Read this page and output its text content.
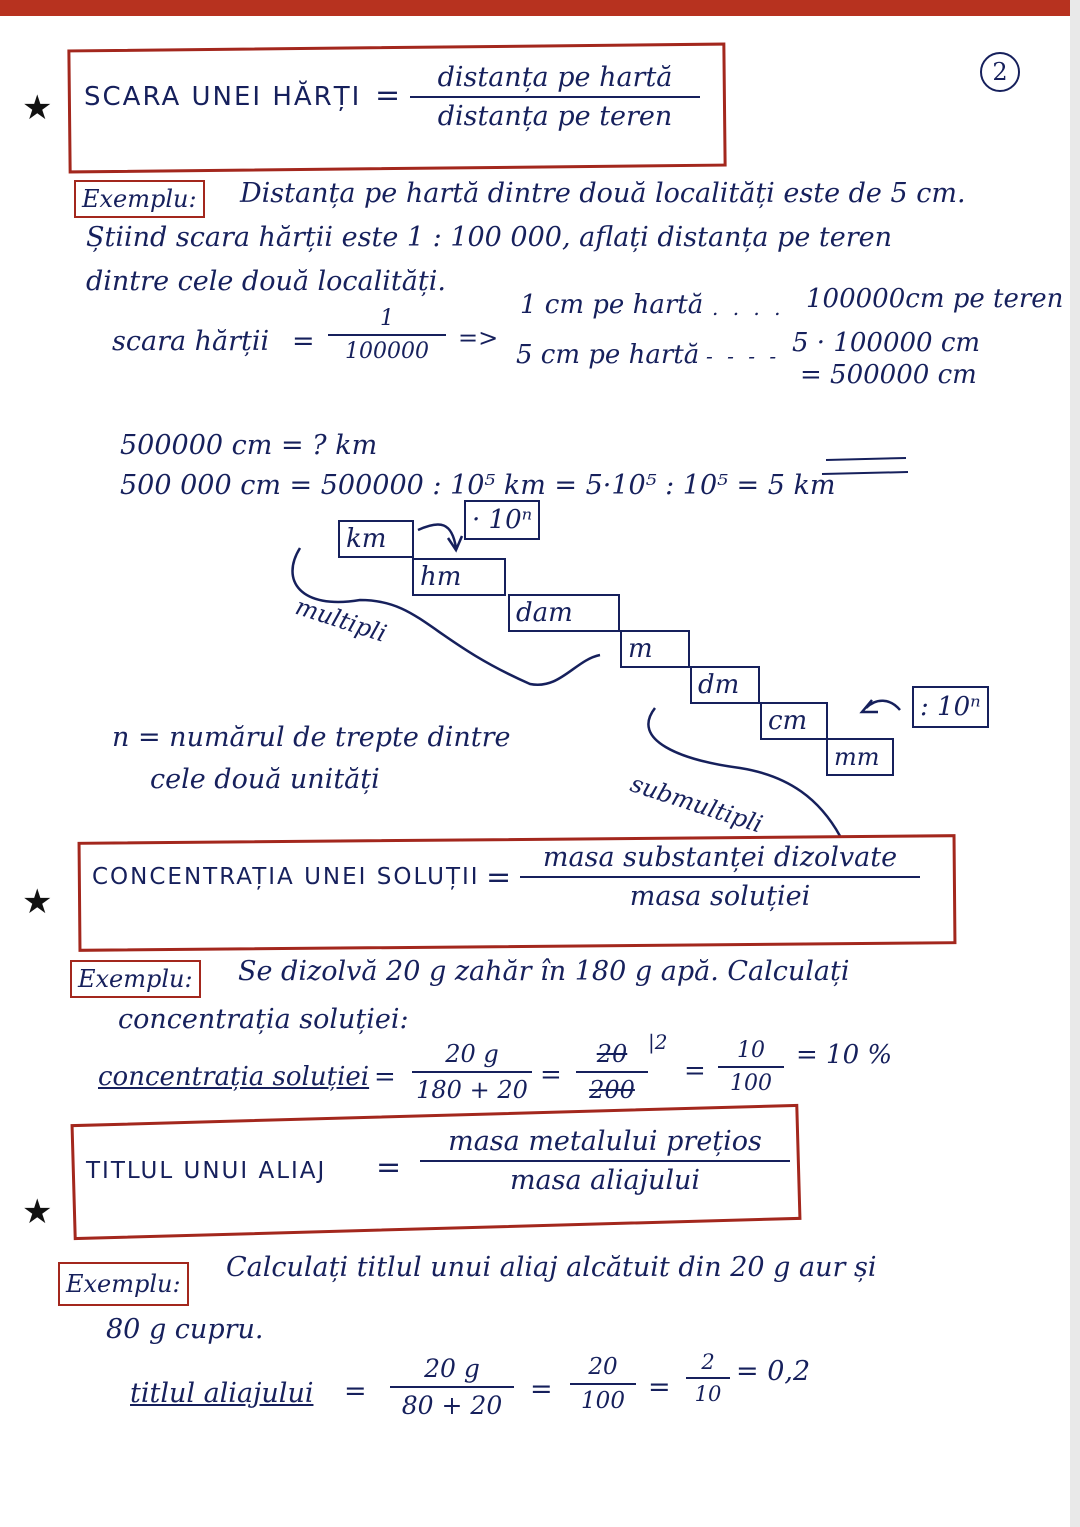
2
★ SCARA UNEI HĂRȚI =
distanța pe hartă
distanța pe teren
Exemplu: Distanța pe hartă dintre două localități este de 5 cm.
Știind scara hărții este 1 : 100 000, aflați distanța pe teren
dintre cele două localități.
scara hărții =
1
100000	=>
1 cm pe hartă . . . . 100000cm pe teren
5 cm pe hartă - - - - 5 · 100000 cm
= 500000 cm
500000 cm = ? km
500 000 cm = 500000 : 10⁵ km = 5·10⁵ : 10⁵ = 5 km
km
hm
dam
m
dm
cm
mm
· 10ⁿ
: 10ⁿ
multipli
submultipli
n = numărul de trepte dintre
cele două unități
★
CONCENTRAȚIA UNEI SOLUȚII =
masa substanței dizolvate
masa soluției
Exemplu: Se dizolvă 20 g zahăr în 180 g apă. Calculați
concentrația soluției:
concentrația soluției =
20 g
180 + 20 =
20
200
|2
=
10
100
= 10 %
★
TITLUL UNUI ALIAJ =
masa metalului prețios
masa aliajului
Exemplu:
Calculați titlul unui aliaj alcătuit din 20 g aur și
80 g cupru.
titlul aliajului =
20 g
80 + 20
=
20
100 =
2
10
= 0,2
